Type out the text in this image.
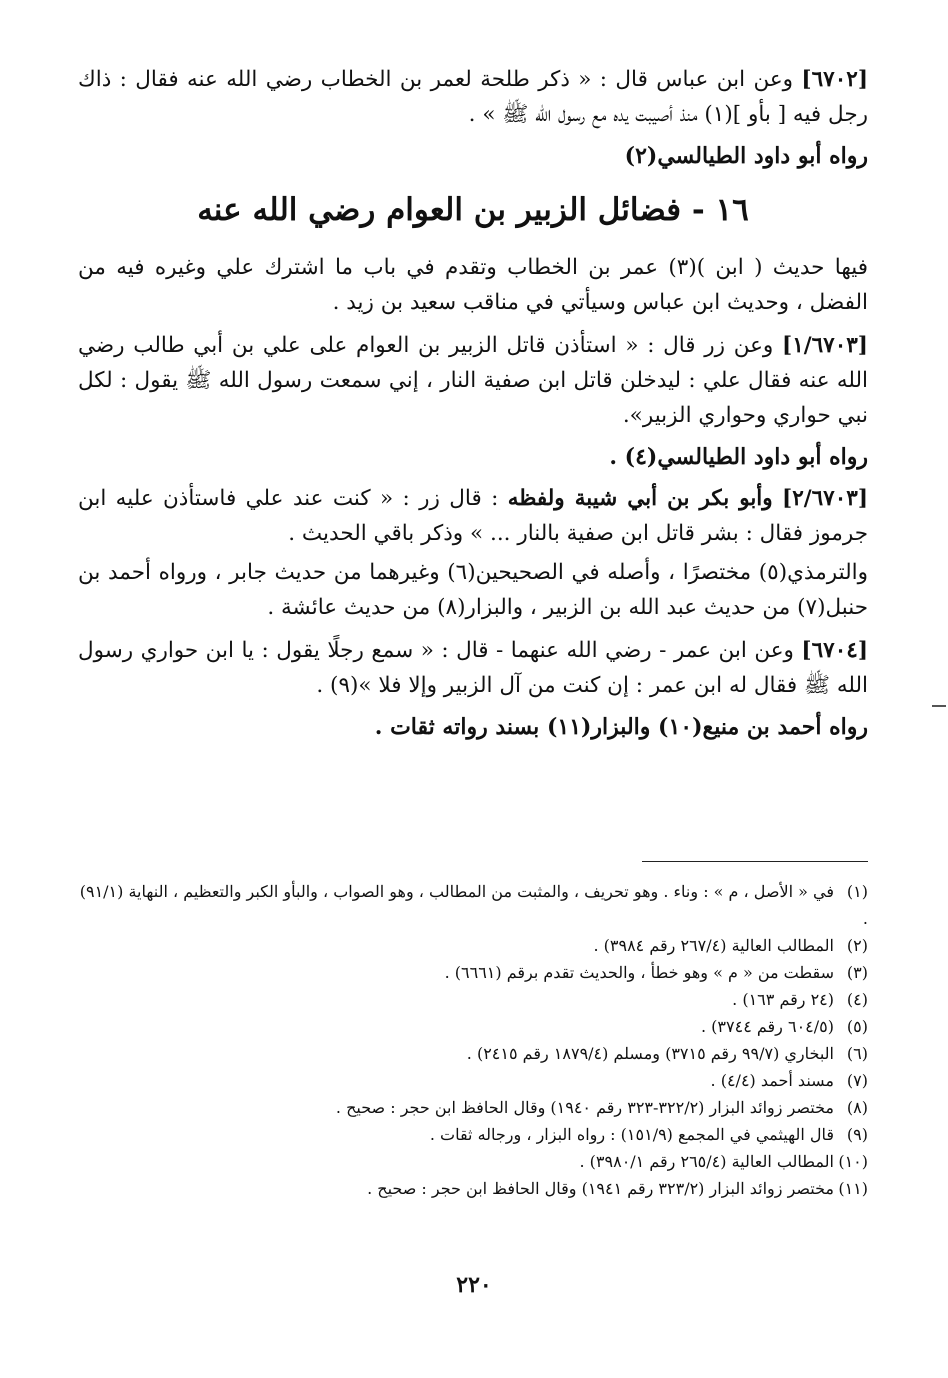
[٦٧٠٢] وعن ابن عباس قال : « ذكر طلحة لعمر بن الخطاب رضي الله عنه فقال : ذاك رجل فيه [ بأو ](١) منذ أصيبت يده مع رسول الله ﷺ » .

رواه أبو داود الطيالسي(٢)

١٦ - فضائل الزبير بن العوام رضي الله عنه

فيها حديث ( ابن )(٣) عمر بن الخطاب وتقدم في باب ما اشترك علي وغيره فيه من الفضل ، وحديث ابن عباس وسيأتي في مناقب سعيد بن زيد .

[١/٦٧٠٣] وعن زر قال : « استأذن قاتل الزبير بن العوام على علي بن أبي طالب رضي الله عنه فقال علي : ليدخلن قاتل ابن صفية النار ، إني سمعت رسول الله ﷺ يقول : لكل نبي حواري وحواري الزبير».

رواه أبو داود الطيالسي(٤) .

[٢/٦٧٠٣] وأبو بكر بن أبي شيبة ولفظه : قال زر : « كنت عند علي فاستأذن عليه ابن جرموز فقال : بشر قاتل ابن صفية بالنار ... » وذكر باقي الحديث .

والترمذي(٥) مختصرًا ، وأصله في الصحيحين(٦) وغيرهما من حديث جابر ، ورواه أحمد بن حنبل(٧) من حديث عبد الله بن الزبير ، والبزار(٨) من حديث عائشة .

[٦٧٠٤] وعن ابن عمر - رضي الله عنهما - قال : « سمع رجلًا يقول : يا ابن حواري رسول الله ﷺ فقال له ابن عمر : إن كنت من آل الزبير وإلا فلا »(٩) .

رواه أحمد بن منيع(١٠) والبزار(١١) بسند رواته ثقات .

(١)في « الأصل ، م » : وناء . وهو تحريف ، والمثبت من المطالب ، وهو الصواب ، والبأو الكبر والتعظيم ، النهاية (٩١/١) .

(٢)المطالب العالية (٢٦٧/٤ رقم ٣٩٨٤) .

(٣)سقطت من « م » وهو خطأ ، والحديث تقدم برقم (٦٦٦١) .

(٤)(٢٤ رقم ١٦٣) .

(٥)(٦٠٤/٥ رقم ٣٧٤٤) .

(٦)البخاري (٩٩/٧ رقم ٣٧١٥) ومسلم (١٨٧٩/٤ رقم ٢٤١٥) .

(٧)مسند أحمد (٤/٤) .

(٨)مختصر زوائد البزار (٣٢٢/٢-٣٢٣ رقم ١٩٤٠) وقال الحافظ ابن حجر : صحيح .

(٩)قال الهيثمي في المجمع (١٥١/٩) : رواه البزار ، ورجاله ثقات .

(١٠)المطالب العالية (٢٦٥/٤ رقم ٣٩٨٠/١) .

(١١)مختصر زوائد البزار (٣٢٣/٢ رقم ١٩٤١) وقال الحافظ ابن حجر : صحيح .

٢٢٠
